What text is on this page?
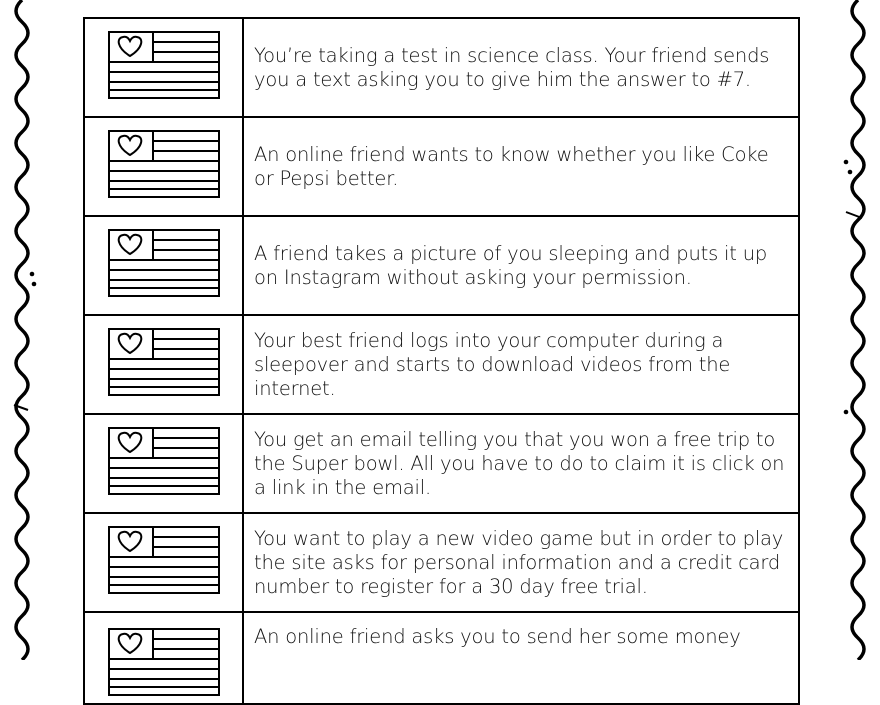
	You’re taking a test in science class. Your friend sends you a text asking you to give him the answer to #7.
	An online friend wants to know whether you like Coke or Pepsi better.
	A friend takes a picture of you sleeping and puts it up on Instagram without asking your permission.
	Your best friend logs into your computer during a sleepover and starts to download videos from the internet.
	You get an email telling you that you won a free trip to the Super bowl. All you have to do to claim it is click on a link in the email.
	You want to play a new video game but in order to play the site asks for personal information and a credit card number to register for a 30 day free trial.
	An online friend asks you to send her some money
